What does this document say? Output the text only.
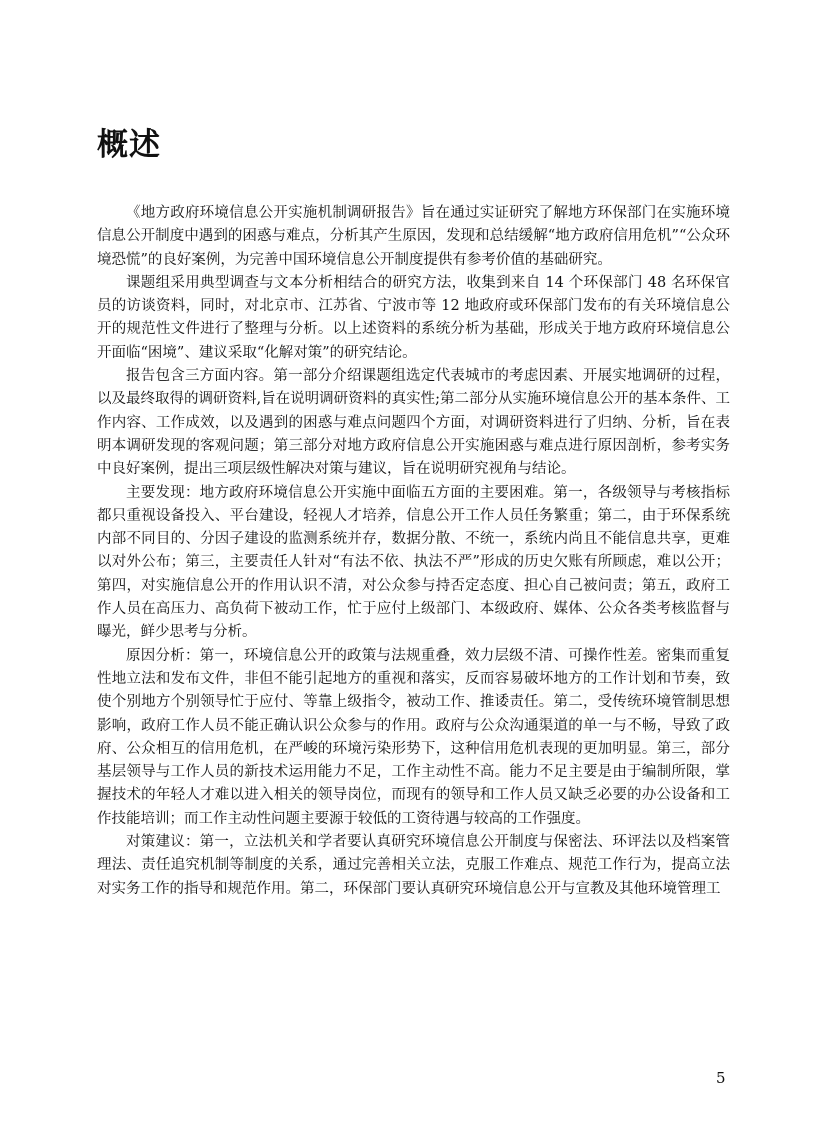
概述

《地方政府环境信息公开实施机制调研报告》旨在通过实证研究了解地方环保部门在实施环境信息公开制度中遇到的困惑与难点，分析其产生原因，发现和总结缓解“地方政府信用危机”“公众环境恐慌”的良好案例，为完善中国环境信息公开制度提供有参考价值的基础研究。

课题组采用典型调查与文本分析相结合的研究方法，收集到来自 14 个环保部门 48 名环保官员的访谈资料，同时，对北京市、江苏省、宁波市等 12 地政府或环保部门发布的有关环境信息公开的规范性文件进行了整理与分析。以上述资料的系统分析为基础，形成关于地方政府环境信息公开面临“困境”、建议采取“化解对策”的研究结论。

报告包含三方面内容。第一部分介绍课题组选定代表城市的考虑因素、开展实地调研的过程，以及最终取得的调研资料,旨在说明调研资料的真实性;第二部分从实施环境信息公开的基本条件、工作内容、工作成效，以及遇到的困惑与难点问题四个方面，对调研资料进行了归纳、分析，旨在表明本调研发现的客观问题；第三部分对地方政府信息公开实施困惑与难点进行原因剖析，参考实务中良好案例，提出三项层级性解决对策与建议，旨在说明研究视角与结论。

主要发现：地方政府环境信息公开实施中面临五方面的主要困难。第一，各级领导与考核指标都只重视设备投入、平台建设，轻视人才培养，信息公开工作人员任务繁重；第二，由于环保系统内部不同目的、分因子建设的监测系统并存，数据分散、不统一，系统内尚且不能信息共享，更难以对外公布；第三，主要责任人针对“有法不依、执法不严”形成的历史欠账有所顾虑，难以公开；第四，对实施信息公开的作用认识不清，对公众参与持否定态度、担心自己被问责；第五，政府工作人员在高压力、高负荷下被动工作，忙于应付上级部门、本级政府、媒体、公众各类考核监督与曝光，鲜少思考与分析。

原因分析：第一，环境信息公开的政策与法规重叠，效力层级不清、可操作性差。密集而重复性地立法和发布文件，非但不能引起地方的重视和落实，反而容易破坏地方的工作计划和节奏，致使个别地方个别领导忙于应付、等靠上级指令，被动工作、推诿责任。第二，受传统环境管制思想影响，政府工作人员不能正确认识公众参与的作用。政府与公众沟通渠道的单一与不畅，导致了政府、公众相互的信用危机，在严峻的环境污染形势下，这种信用危机表现的更加明显。第三，部分基层领导与工作人员的新技术运用能力不足，工作主动性不高。能力不足主要是由于编制所限，掌握技术的年轻人才难以进入相关的领导岗位，而现有的领导和工作人员又缺乏必要的办公设备和工作技能培训；而工作主动性问题主要源于较低的工资待遇与较高的工作强度。

对策建议：第一，立法机关和学者要认真研究环境信息公开制度与保密法、环评法以及档案管理法、责任追究机制等制度的关系，通过完善相关立法，克服工作难点、规范工作行为，提高立法对实务工作的指导和规范作用。第二，环保部门要认真研究环境信息公开与宣教及其他环境管理工

5
